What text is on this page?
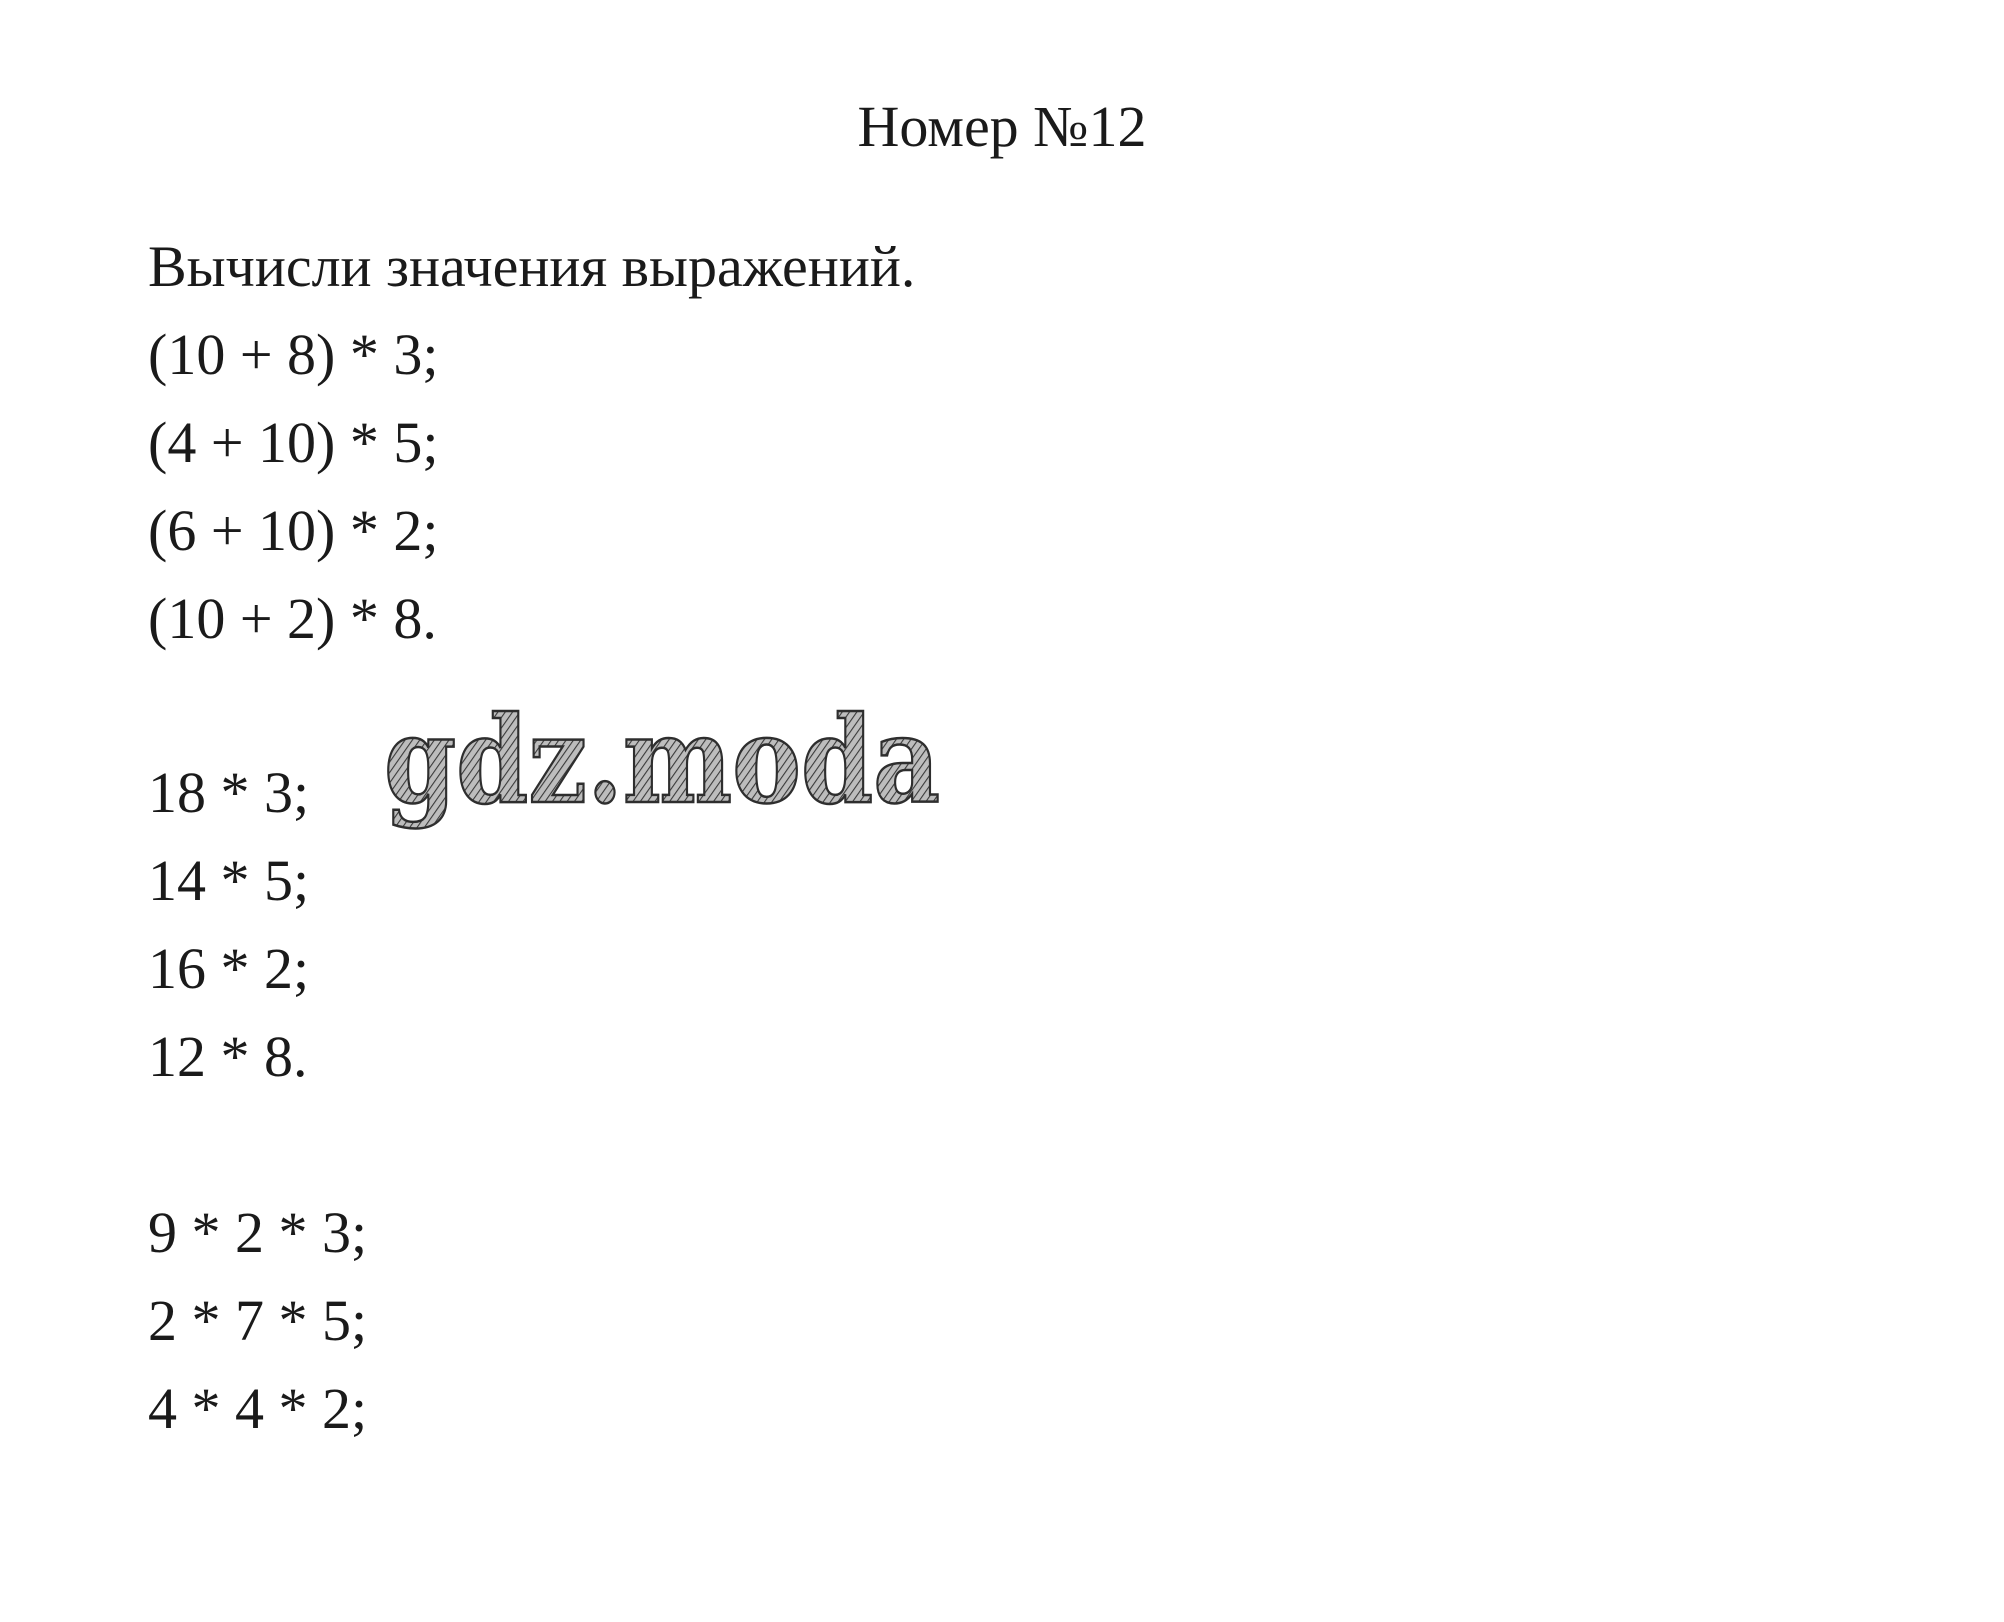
Номер №12
Вычисли значения выражений.
(10 + 8) * 3;
(4 + 10) * 5;
(6 + 10) * 2;
(10 + 2) * 8.
18 * 3;
14 * 5;
16 * 2;
12 * 8.
9 * 2 * 3;
2 * 7 * 5;
4 * 4 * 2;
gdz.moda
